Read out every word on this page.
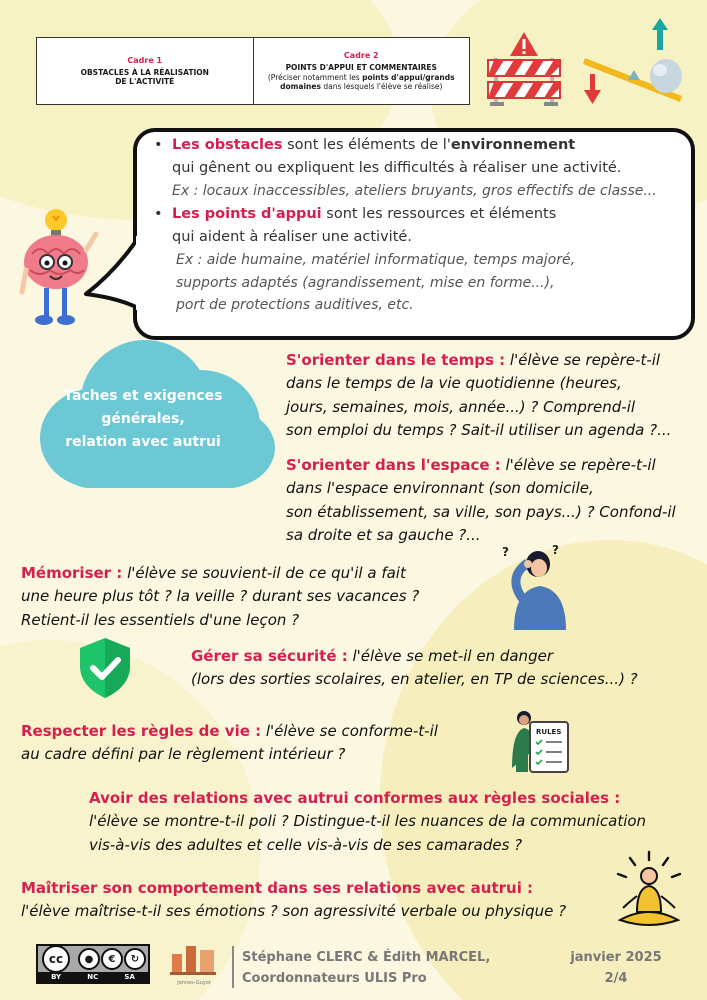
Cadre 1
OBSTACLES À LA RÉALISATION
DE L'ACTIVITÉ
Cadre 2
POINTS D'APPUI ET COMMENTAIRES
(Préciser notamment les points d'appui/grands
domaines dans lesquels l'élève se réalise)
• Les obstacles sont les éléments de l'environnement
qui gênent ou expliquent les difficultés à réaliser une activité.
Ex : locaux inaccessibles, ateliers bruyants, gros effectifs de classe...
• Les points d'appui sont les ressources et éléments
qui aident à réaliser une activité.
Ex : aide humaine, matériel informatique, temps majoré,
supports adaptés (agrandissement, mise en forme...),
port de protections auditives, etc.
Tâches et exigences
générales,
relation avec autrui
S'orienter dans le temps : l'élève se repère-t-il
dans le temps de la vie quotidienne (heures,
jours, semaines, mois, année...) ? Comprend-il
son emploi du temps ? Sait-il utiliser un agenda ?...
S'orienter dans l'espace : l'élève se repère-t-il
dans l'espace environnant (son domicile,
son établissement, sa ville, son pays...) ? Confond-il
sa droite et sa gauche ?...
Mémoriser : l'élève se souvient-il de ce qu'il a fait
une heure plus tôt ? la veille ? durant ses vacances ?
Retient-il les essentiels d'une leçon ?
?	?
Gérer sa sécurité : l'élève se met-il en danger
(lors des sorties scolaires, en atelier, en TP de sciences...) ?
Respecter les règles de vie : l'élève se conforme-t-il
au cadre défini par le règlement intérieur ?
RULES
Avoir des relations avec autrui conformes aux règles sociales :
l'élève se montre-t-il poli ? Distingue-t-il les nuances de la communication
vis-à-vis des adultes et celle vis-à-vis de ses camarades ?
Maîtriser son comportement dans ses relations avec autrui :
l'élève maîtrise-t-il ses émotions ? son agressivité verbale ou physique ?
cc	●	€	↻
BY	NC	SA
Jonnes-Guyot
Stéphane CLERC & Édith MARCEL,
Coordonnateurs ULIS Pro
janvier 2025
2/4
